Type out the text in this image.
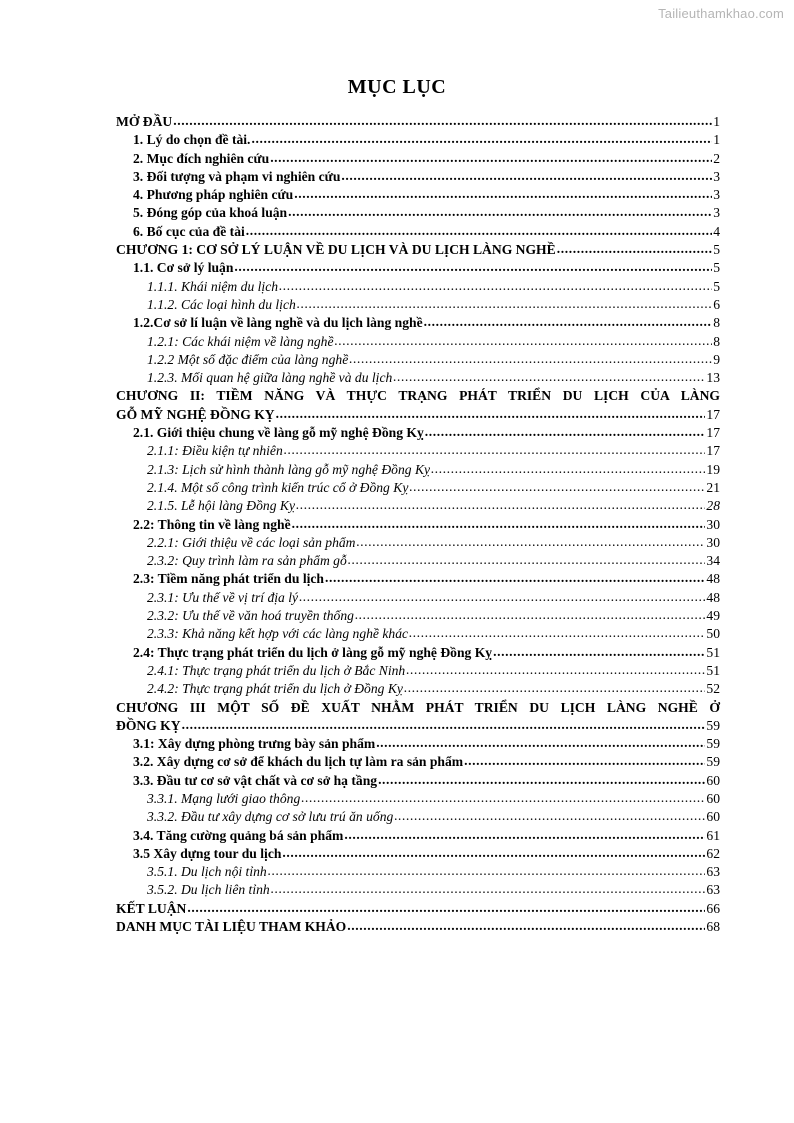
Tailieuthamkhao.com
MỤC LỤC
MỞ ĐẦU .....	1
1. Lý do chọn đề tài. .....	1
2. Mục đích nghiên cứu .....	2
3. Đối tượng và phạm vi nghiên cứu .....	3
4. Phương pháp nghiên cứu .....	3
5. Đóng góp của khoá luận .....	3
6. Bố cục của đề tài .....	4
CHƯƠNG 1: CƠ SỞ LÝ LUẬN VỀ DU LỊCH VÀ DU LỊCH LÀNG NGHỀ .....	5
1.1. Cơ sở lý luận .....	5
1.1.1. Khái niệm du lịch .....	5
1.1.2. Các loại hình du lịch .....	6
1.2.Cơ sở lí luận về làng nghề và du lịch làng nghề .....	8
1.2.1: Các khái niệm về làng nghề .....	8
1.2.2 Một số đặc điểm của làng nghề .....	9
1.2.3. Mối quan hệ giữa làng nghề và du lịch .....	13
CHƯƠNG II: TIỀM NĂNG VÀ THỰC TRẠNG PHÁT TRIỂN DU LỊCH CỦA LÀNG
GỖ MỸ NGHỆ ĐỒNG KỴ .....	17
2.1. Giới thiệu chung về làng gỗ mỹ nghệ Đồng Kỵ .....	17
2.1.1: Điều kiện tự nhiên .....	17
2.1.3: Lịch sử hình thành làng gỗ mỹ nghệ Đồng Kỵ .....	19
2.1.4. Một số công trình kiến trúc cổ ở Đồng Kỵ .....	21
2.1.5. Lễ hội làng Đồng Kỵ .....	28
2.2: Thông tin về làng nghề .....	30
2.2.1: Giới thiệu về các loại sản phẩm .....	30
2.3.2: Quy trình làm ra sản phẩm gỗ .....	34
2.3: Tiềm năng phát triển du lịch .....	48
2.3.1: Ưu thế về vị trí địa lý .....	48
2.3.2: Ưu thế về văn hoá truyền thống .....	49
2.3.3: Khả năng kết hợp với các làng nghề khác .....	50
2.4: Thực trạng phát triển du lịch ở làng gỗ mỹ nghệ Đồng Kỵ .....	51
2.4.1: Thực trạng phát triển du lịch ở Bắc Ninh .....	51
2.4.2: Thực trạng phát triển du lịch ở Đồng Kỵ .....	52
CHƯƠNG III MỘT SỐ ĐỀ XUẤT NHẰM PHÁT TRIỂN DU LỊCH LÀNG NGHỀ Ở
ĐỒNG KỴ .....	59
3.1: Xây dựng phòng trưng bày sản phẩm .....	59
3.2. Xây dựng cơ sở để khách du lịch tự làm ra sản phẩm .....	59
3.3. Đầu tư cơ sở vật chất và cơ sở hạ tầng .....	60
3.3.1. Mạng lưới giao thông .....	60
3.3.2. Đầu tư xây dựng cơ sở lưu trú ăn uống .....	60
3.4. Tăng cường quảng bá sản phẩm .....	61
3.5 Xây dựng tour du lịch .....	62
3.5.1. Du lịch nội tỉnh .....	63
3.5.2. Du lịch liên tỉnh .....	63
KẾT LUẬN .....	66
DANH MỤC TÀI LIỆU THAM KHẢO .....	68
